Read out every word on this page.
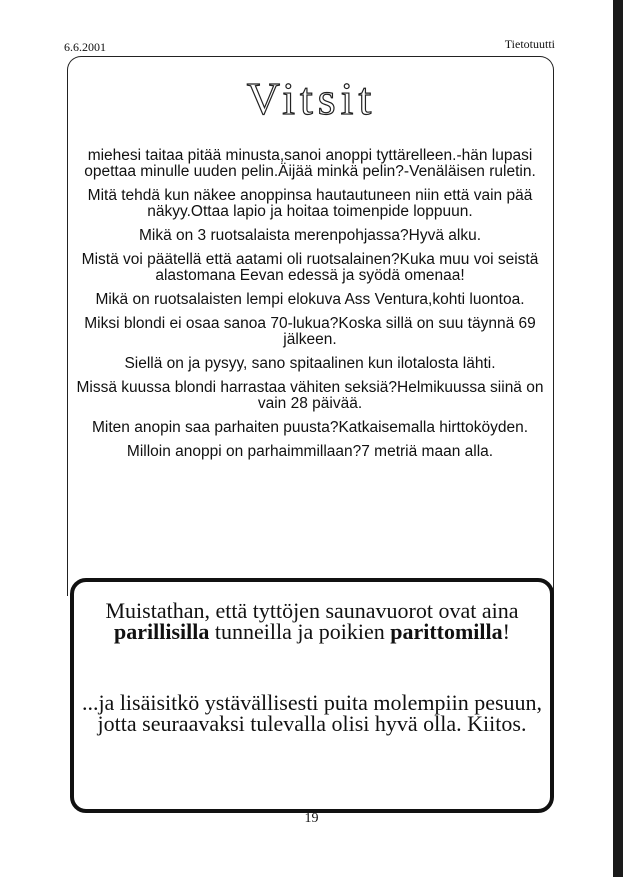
6.6.2001	Tietotuutti
Vitsit

miehesi taitaa pitää minusta,sanoi anoppi tyttärelleen.-hän lupasi opettaa minulle uuden pelin.Äijää minkä pelin?-Venäläisen ruletin.

Mitä tehdä kun näkee anoppinsa hautautuneen niin että vain pää näkyy.Ottaa lapio ja hoitaa toimenpide loppuun.

Mikä on 3 ruotsalaista merenpohjassa?Hyvä alku.

Mistä voi päätellä että aatami oli ruotsalainen?Kuka muu voi seistä alastomana Eevan edessä ja syödä omenaa!

Mikä on ruotsalaisten lempi elokuva Ass Ventura,kohti luontoa.

Miksi blondi ei osaa sanoa 70-lukua?Koska sillä on suu täynnä 69 jälkeen.

Siellä on ja pysyy, sano spitaalinen kun ilotalosta lähti.

Missä kuussa blondi harrastaa vähiten seksiä?Helmikuussa siinä on vain 28 päivää.

Miten anopin saa parhaiten puusta?Katkaisemalla hirttoköyden.

Milloin anoppi on parhaimmillaan?7 metriä maan alla.

Muistathan, että tyttöjen saunavuorot ovat aina parillisilla tunneilla ja poikien parittomilla!
...ja lisäisitkö ystävällisesti puita molempiin pesuun, jotta seuraavaksi tulevalla olisi hyvä olla. Kiitos.
19
